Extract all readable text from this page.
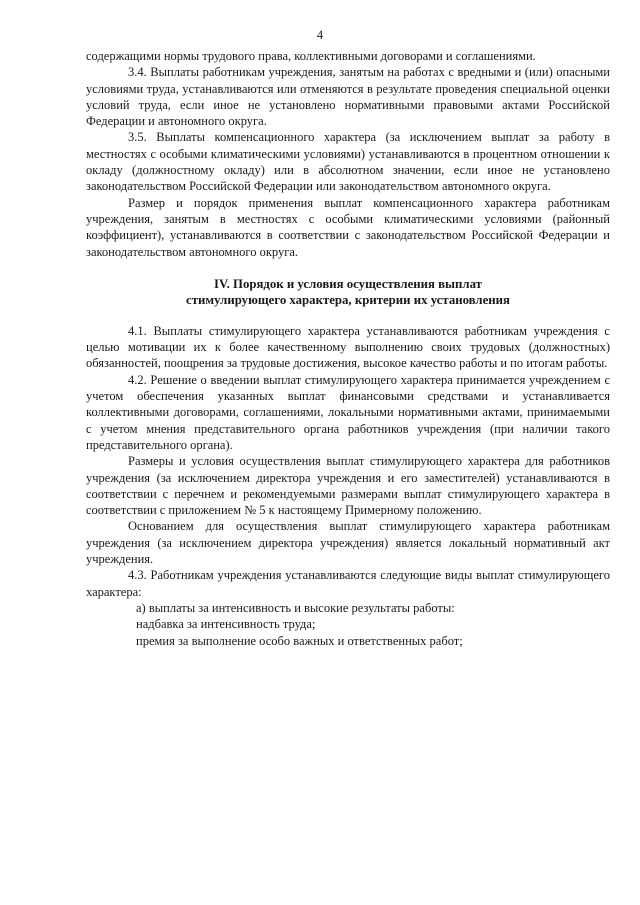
4

содержащими нормы трудового права, коллективными договорами и соглашениями.

3.4. Выплаты работникам учреждения, занятым на работах с вредными и (или) опасными условиями труда, устанавливаются или отменяются в результате проведения специальной оценки условий труда, если иное не установлено нормативными правовыми актами Российской Федерации и автономного округа.

3.5. Выплаты компенсационного характера (за исключением выплат за работу в местностях с особыми климатическими условиями) устанавливаются в процентном отношении к окладу (должностному окладу) или в абсолютном значении, если иное не установлено законодательством Российской Федерации или законодательством автономного округа.

Размер и порядок применения выплат компенсационного характера работникам учреждения, занятым в местностях с особыми климатическими условиями (районный коэффициент), устанавливаются в соответствии с законодательством Российской Федерации и законодательством автономного округа.

IV. Порядок и условия осуществления выплат
стимулирующего характера, критерии их установления

4.1. Выплаты стимулирующего характера устанавливаются работникам учреждения с целью мотивации их к более качественному выполнению своих трудовых (должностных) обязанностей, поощрения за трудовые достижения, высокое качество работы и по итогам работы.

4.2. Решение о введении выплат стимулирующего характера принимается учреждением с учетом обеспечения указанных выплат финансовыми средствами и устанавливается коллективными договорами, соглашениями, локальными нормативными актами, принимаемыми с учетом мнения представительного органа работников учреждения (при наличии такого представительного органа).

Размеры и условия осуществления выплат стимулирующего характера для работников учреждения (за исключением директора учреждения и его заместителей) устанавливаются в соответствии с перечнем и рекомендуемыми размерами выплат стимулирующего характера в соответствии с приложением № 5 к настоящему Примерному положению.

Основанием для осуществления выплат стимулирующего характера работникам учреждения (за исключением директора учреждения) является локальный нормативный акт учреждения.

4.3. Работникам учреждения устанавливаются следующие виды выплат стимулирующего характера:

а) выплаты за интенсивность и высокие результаты работы:

надбавка за интенсивность труда;

премия за выполнение особо важных и ответственных работ;
